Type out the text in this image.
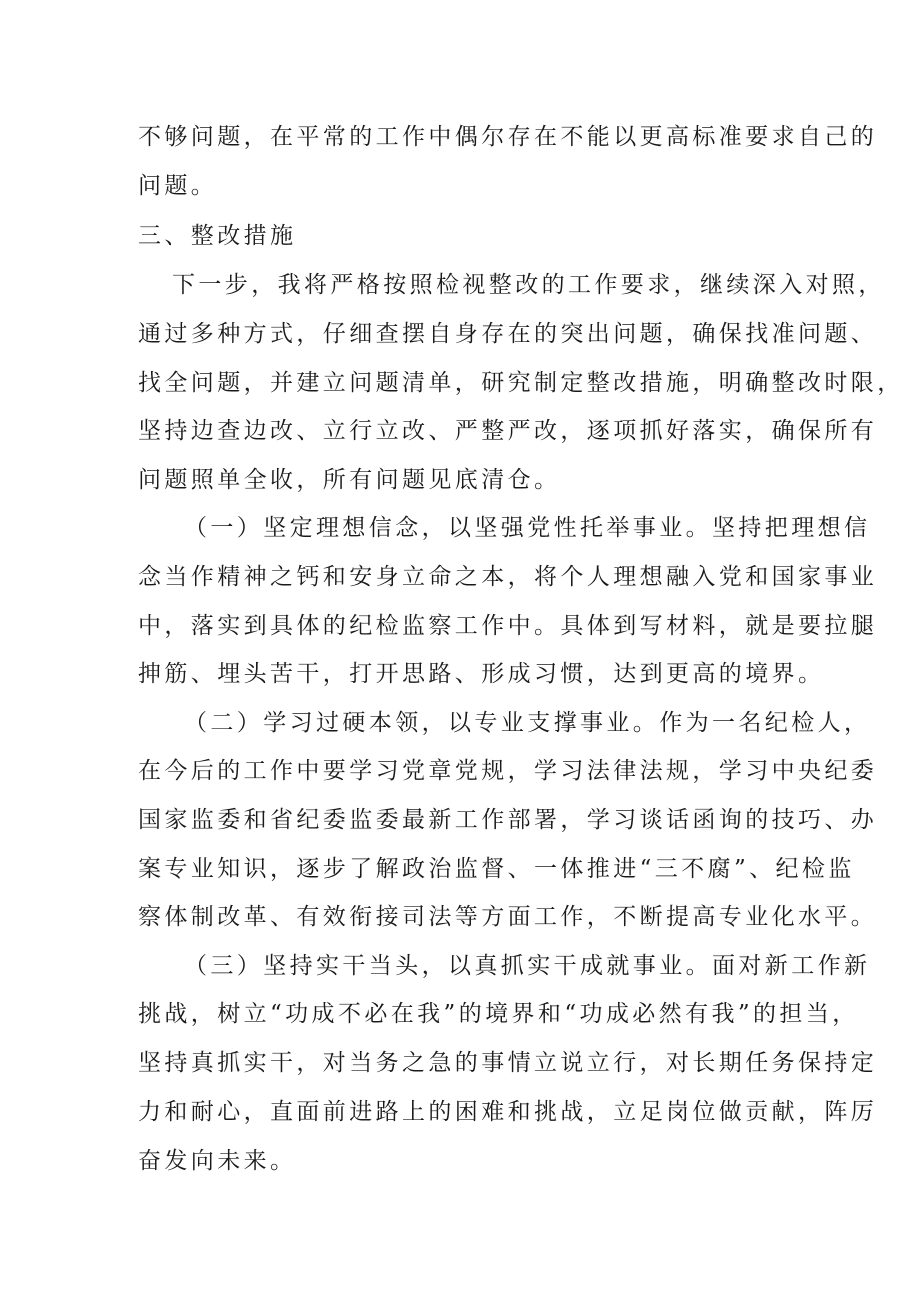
不够问题，在平常的工作中偶尔存在不能以更高标准要求自己的
问题。
三、整改措施
下一步，我将严格按照检视整改的工作要求，继续深入对照，
通过多种方式，仔细查摆自身存在的突出问题，确保找准问题、
找全问题，并建立问题清单，研究制定整改措施，明确整改时限，
坚持边查边改、立行立改、严整严改，逐项抓好落实，确保所有
问题照单全收，所有问题见底清仓。
（一）坚定理想信念，以坚强党性托举事业。坚持把理想信
念当作精神之钙和安身立命之本，将个人理想融入党和国家事业
中，落实到具体的纪检监察工作中。具体到写材料，就是要拉腿
抻筋、埋头苦干，打开思路、形成习惯，达到更高的境界。
（二）学习过硬本领，以专业支撑事业。作为一名纪检人，
在今后的工作中要学习党章党规，学习法律法规，学习中央纪委
国家监委和省纪委监委最新工作部署，学习谈话函询的技巧、办
案专业知识，逐步了解政治监督、一体推进“三不腐”、纪检监
察体制改革、有效衔接司法等方面工作，不断提高专业化水平。
（三）坚持实干当头，以真抓实干成就事业。面对新工作新
挑战，树立“功成不必在我”的境界和“功成必然有我”的担当，
坚持真抓实干，对当务之急的事情立说立行，对长期任务保持定
力和耐心，直面前进路上的困难和挑战，立足岗位做贡献，阵厉
奋发向未来。
